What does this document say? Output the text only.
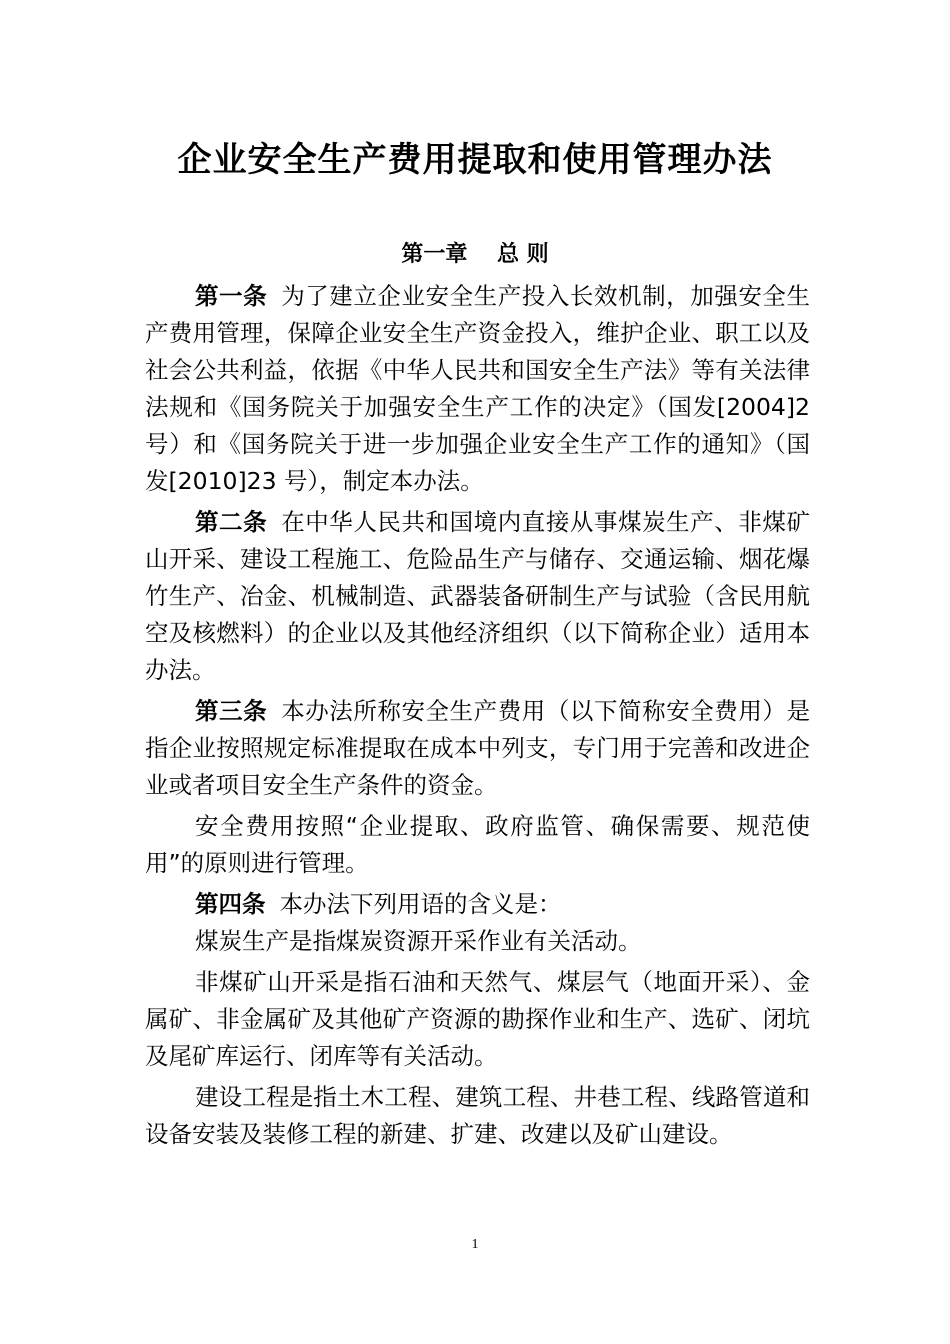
企业安全生产费用提取和使用管理办法
第一章　 总 则

第一条 为了建立企业安全生产投入长效机制，加强安全生产费用管理，保障企业安全生产资金投入，维护企业、职工以及社会公共利益，依据《中华人民共和国安全生产法》等有关法律法规和《国务院关于加强安全生产工作的决定》（国发[2004]2 号）和《国务院关于进一步加强企业安全生产工作的通知》（国发[2010]23 号），制定本办法。

第二条 在中华人民共和国境内直接从事煤炭生产、非煤矿山开采、建设工程施工、危险品生产与储存、交通运输、烟花爆竹生产、冶金、机械制造、武器装备研制生产与试验（含民用航空及核燃料）的企业以及其他经济组织（以下简称企业）适用本办法。

第三条 本办法所称安全生产费用（以下简称安全费用）是指企业按照规定标准提取在成本中列支，专门用于完善和改进企业或者项目安全生产条件的资金。

安全费用按照“企业提取、政府监管、确保需要、规范使用”的原则进行管理。

第四条 本办法下列用语的含义是：

煤炭生产是指煤炭资源开采作业有关活动。

非煤矿山开采是指石油和天然气、煤层气（地面开采）、金属矿、非金属矿及其他矿产资源的勘探作业和生产、选矿、闭坑及尾矿库运行、闭库等有关活动。

建设工程是指土木工程、建筑工程、井巷工程、线路管道和设备安装及装修工程的新建、扩建、改建以及矿山建设。

1
